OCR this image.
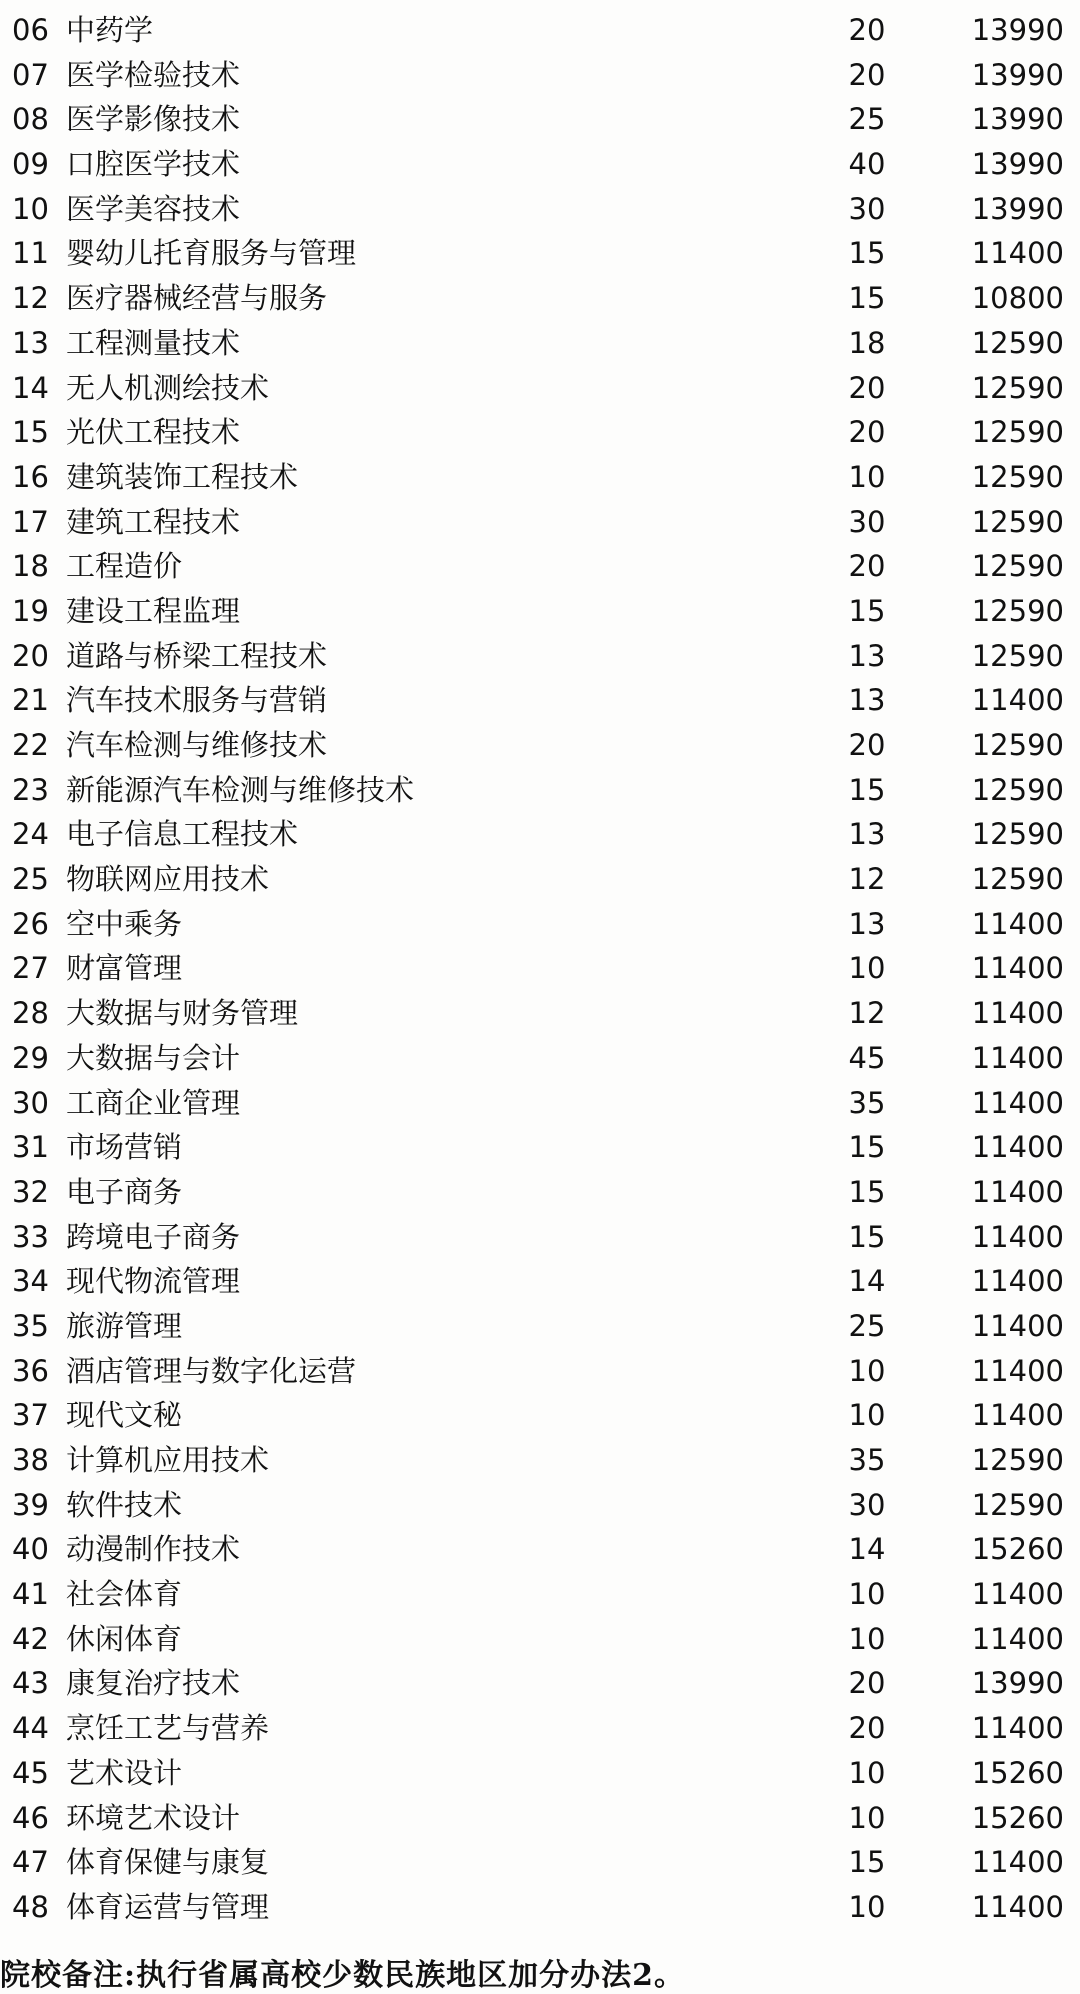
06 中药学	20	13990
07 医学检验技术	20	13990
08 医学影像技术	25	13990
09 口腔医学技术	40	13990
10 医学美容技术	30	13990
11 婴幼儿托育服务与管理	15	11400
12 医疗器械经营与服务	15	10800
13 工程测量技术	18	12590
14 无人机测绘技术	20	12590
15 光伏工程技术	20	12590
16 建筑装饰工程技术	10	12590
17 建筑工程技术	30	12590
18 工程造价	20	12590
19 建设工程监理	15	12590
20 道路与桥梁工程技术	13	12590
21 汽车技术服务与营销	13	11400
22 汽车检测与维修技术	20	12590
23 新能源汽车检测与维修技术	15	12590
24 电子信息工程技术	13	12590
25 物联网应用技术	12	12590
26 空中乘务	13	11400
27 财富管理	10	11400
28 大数据与财务管理	12	11400
29 大数据与会计	45	11400
30 工商企业管理	35	11400
31 市场营销	15	11400
32 电子商务	15	11400
33 跨境电子商务	15	11400
34 现代物流管理	14	11400
35 旅游管理	25	11400
36 酒店管理与数字化运营	10	11400
37 现代文秘	10	11400
38 计算机应用技术	35	12590
39 软件技术	30	12590
40 动漫制作技术	14	15260
41 社会体育	10	11400
42 休闲体育	10	11400
43 康复治疗技术	20	13990
44 烹饪工艺与营养	20	11400
45 艺术设计	10	15260
46 环境艺术设计	10	15260
47 体育保健与康复	15	11400
48 体育运营与管理	10	11400
院校备注:执行省属高校少数民族地区加分办法2。
